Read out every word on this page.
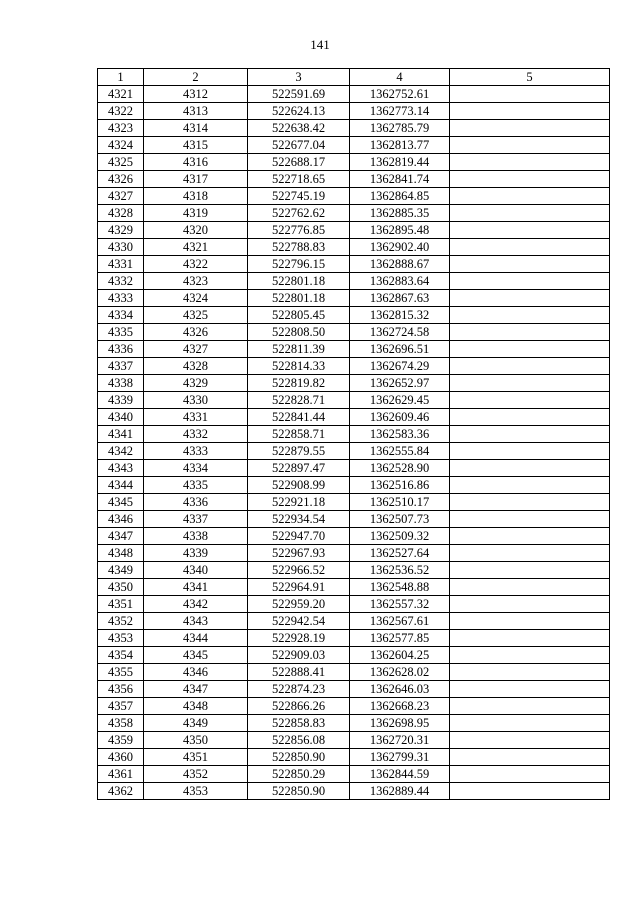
141
1	2	3	4	5
4321	4312	522591.69	1362752.61	
4322	4313	522624.13	1362773.14	
4323	4314	522638.42	1362785.79	
4324	4315	522677.04	1362813.77	
4325	4316	522688.17	1362819.44	
4326	4317	522718.65	1362841.74	
4327	4318	522745.19	1362864.85	
4328	4319	522762.62	1362885.35	
4329	4320	522776.85	1362895.48	
4330	4321	522788.83	1362902.40	
4331	4322	522796.15	1362888.67	
4332	4323	522801.18	1362883.64	
4333	4324	522801.18	1362867.63	
4334	4325	522805.45	1362815.32	
4335	4326	522808.50	1362724.58	
4336	4327	522811.39	1362696.51	
4337	4328	522814.33	1362674.29	
4338	4329	522819.82	1362652.97	
4339	4330	522828.71	1362629.45	
4340	4331	522841.44	1362609.46	
4341	4332	522858.71	1362583.36	
4342	4333	522879.55	1362555.84	
4343	4334	522897.47	1362528.90	
4344	4335	522908.99	1362516.86	
4345	4336	522921.18	1362510.17	
4346	4337	522934.54	1362507.73	
4347	4338	522947.70	1362509.32	
4348	4339	522967.93	1362527.64	
4349	4340	522966.52	1362536.52	
4350	4341	522964.91	1362548.88	
4351	4342	522959.20	1362557.32	
4352	4343	522942.54	1362567.61	
4353	4344	522928.19	1362577.85	
4354	4345	522909.03	1362604.25	
4355	4346	522888.41	1362628.02	
4356	4347	522874.23	1362646.03	
4357	4348	522866.26	1362668.23	
4358	4349	522858.83	1362698.95	
4359	4350	522856.08	1362720.31	
4360	4351	522850.90	1362799.31	
4361	4352	522850.29	1362844.59	
4362	4353	522850.90	1362889.44	
